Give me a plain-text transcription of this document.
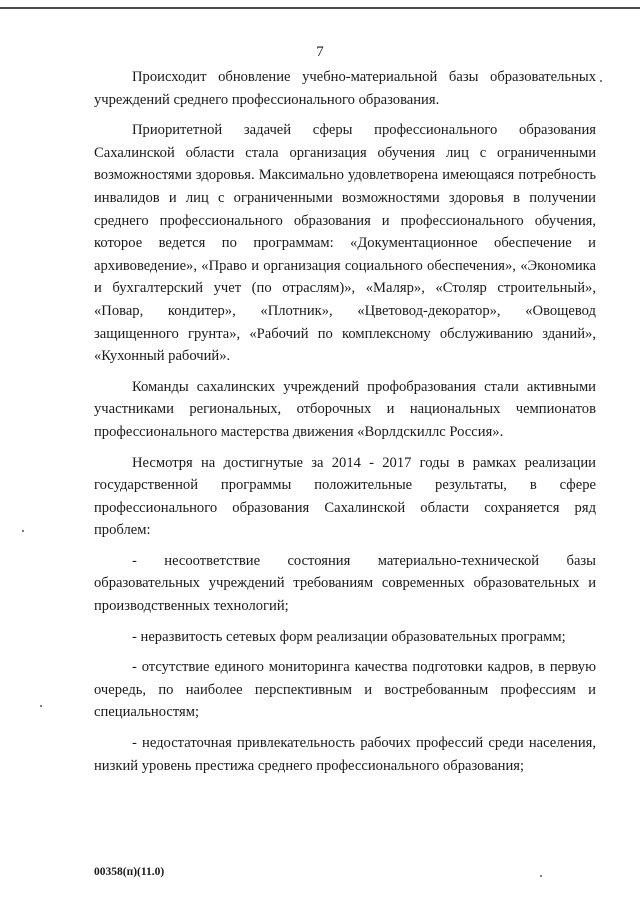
7

Происходит обновление учебно-материальной базы образовательных учреждений среднего профессионального образования.

Приоритетной задачей сферы профессионального образования Сахалинской области стала организация обучения лиц с ограниченными возможностями здоровья. Максимально удовлетворена имеющаяся потребность инвалидов и лиц с ограниченными возможностями здоровья в получении среднего профессионального образования и профессионального обучения, которое ведется по программам: «Документационное обеспечение и архивоведение», «Право и организация социального обеспечения», «Экономика и бухгалтерский учет (по отраслям)», «Маляр», «Столяр строительный», «Повар, кондитер», «Плотник», «Цветовод-декоратор», «Овощевод защищенного грунта», «Рабочий по комплексному обслуживанию зданий», «Кухонный рабочий».

Команды сахалинских учреждений профобразования стали активными участниками региональных, отборочных и национальных чемпионатов профессионального мастерства движения «Ворлдскиллс Россия».

Несмотря на достигнутые за 2014 - 2017 годы в рамках реализации государственной программы положительные результаты, в сфере профессионального образования Сахалинской области сохраняется ряд проблем:

- несоответствие состояния материально-технической базы образовательных учреждений требованиям современных образовательных и производственных технологий;

- неразвитость сетевых форм реализации образовательных программ;

- отсутствие единого мониторинга качества подготовки кадров, в первую очередь, по наиболее перспективным и востребованным профессиям и специальностям;

- недостаточная привлекательность рабочих профессий среди населения, низкий уровень престижа среднего профессионального образования;

00358(п)(11.0)
